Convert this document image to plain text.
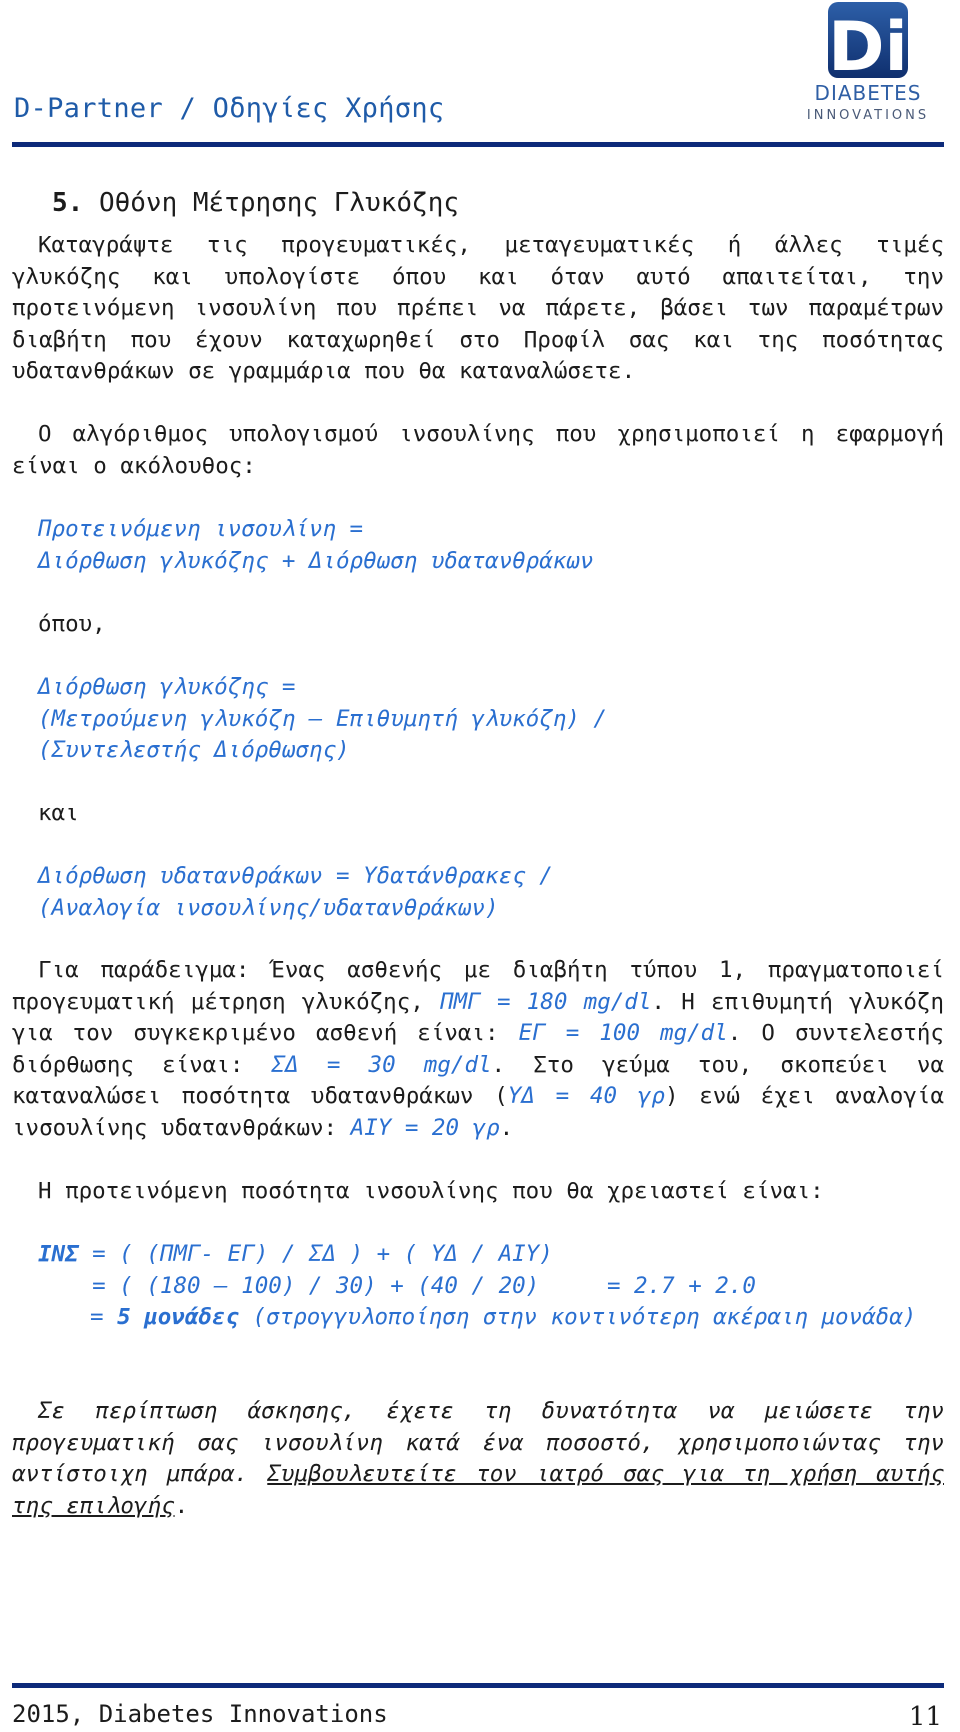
D-Partner / Οδηγίες Χρήσης
Di
DIABETES
INNOVATIONS
5. Οθόνη Μέτρησης Γλυκόζης

Καταγράψτε τις προγευματικές, μεταγευματικές ή άλλες τιμές γλυκόζης και υπολογίστε όπου και όταν αυτό απαιτείται, την προτεινόμενη ινσουλίνη που πρέπει να πάρετε, βάσει των παραμέτρων διαβήτη που έχουν καταχωρηθεί στο Προφίλ σας και της ποσότητας υδατανθράκων σε γραμμάρια που θα καταναλώσετε.

Ο αλγόριθμος υπολογισμού ινσουλίνης που χρησιμοποιεί η εφαρμογή είναι ο ακόλουθος:

Προτεινόμενη ινσουλίνη =
Διόρθωση γλυκόζης + Διόρθωση υδατανθράκων
όπου,
Διόρθωση γλυκόζης =
(Μετρούμενη γλυκόζη – Επιθυμητή γλυκόζη) /
(Συντελεστής Διόρθωσης)
και
Διόρθωση υδατανθράκων = Υδατάνθρακες /
(Αναλογία ινσουλίνης/υδατανθράκων)

Για παράδειγμα: Ένας ασθενής με διαβήτη τύπου 1, πραγματοποιεί προγευματική μέτρηση γλυκόζης, ΠΜΓ = 180 mg/dl. Η επιθυμητή γλυκόζη για τον συγκεκριμένο ασθενή είναι: ΕΓ = 100 mg/dl. Ο συντελεστής διόρθωσης είναι: ΣΔ = 30 mg/dl. Στο γεύμα του, σκοπεύει να καταναλώσει ποσότητα υδατανθράκων (ΥΔ = 40 γρ) ενώ έχει αναλογία ινσουλίνης υδατανθράκων: ΑΙΥ = 20 γρ.

Η προτεινόμενη ποσότητα ινσουλίνης που θα χρειαστεί είναι:

ΙΝΣ = ( (ΠΜΓ- ΕΓ) / ΣΔ ) + ( ΥΔ / ΑΙΥ)
= ( (180 – 100) / 30) + (40 / 20)     = 2.7 + 2.0

= 5 μονάδες (στρογγυλοποίηση στην κοντινότερη ακέραιη μονάδα)

Σε περίπτωση άσκησης, έχετε τη δυνατότητα να μειώσετε την προγευματική σας ινσουλίνη κατά ένα ποσοστό, χρησιμοποιώντας την αντίστοιχη μπάρα. Συμβουλευτείτε τον ιατρό σας για τη χρήση αυτής της επιλογής.

2015, Diabetes Innovations	11
